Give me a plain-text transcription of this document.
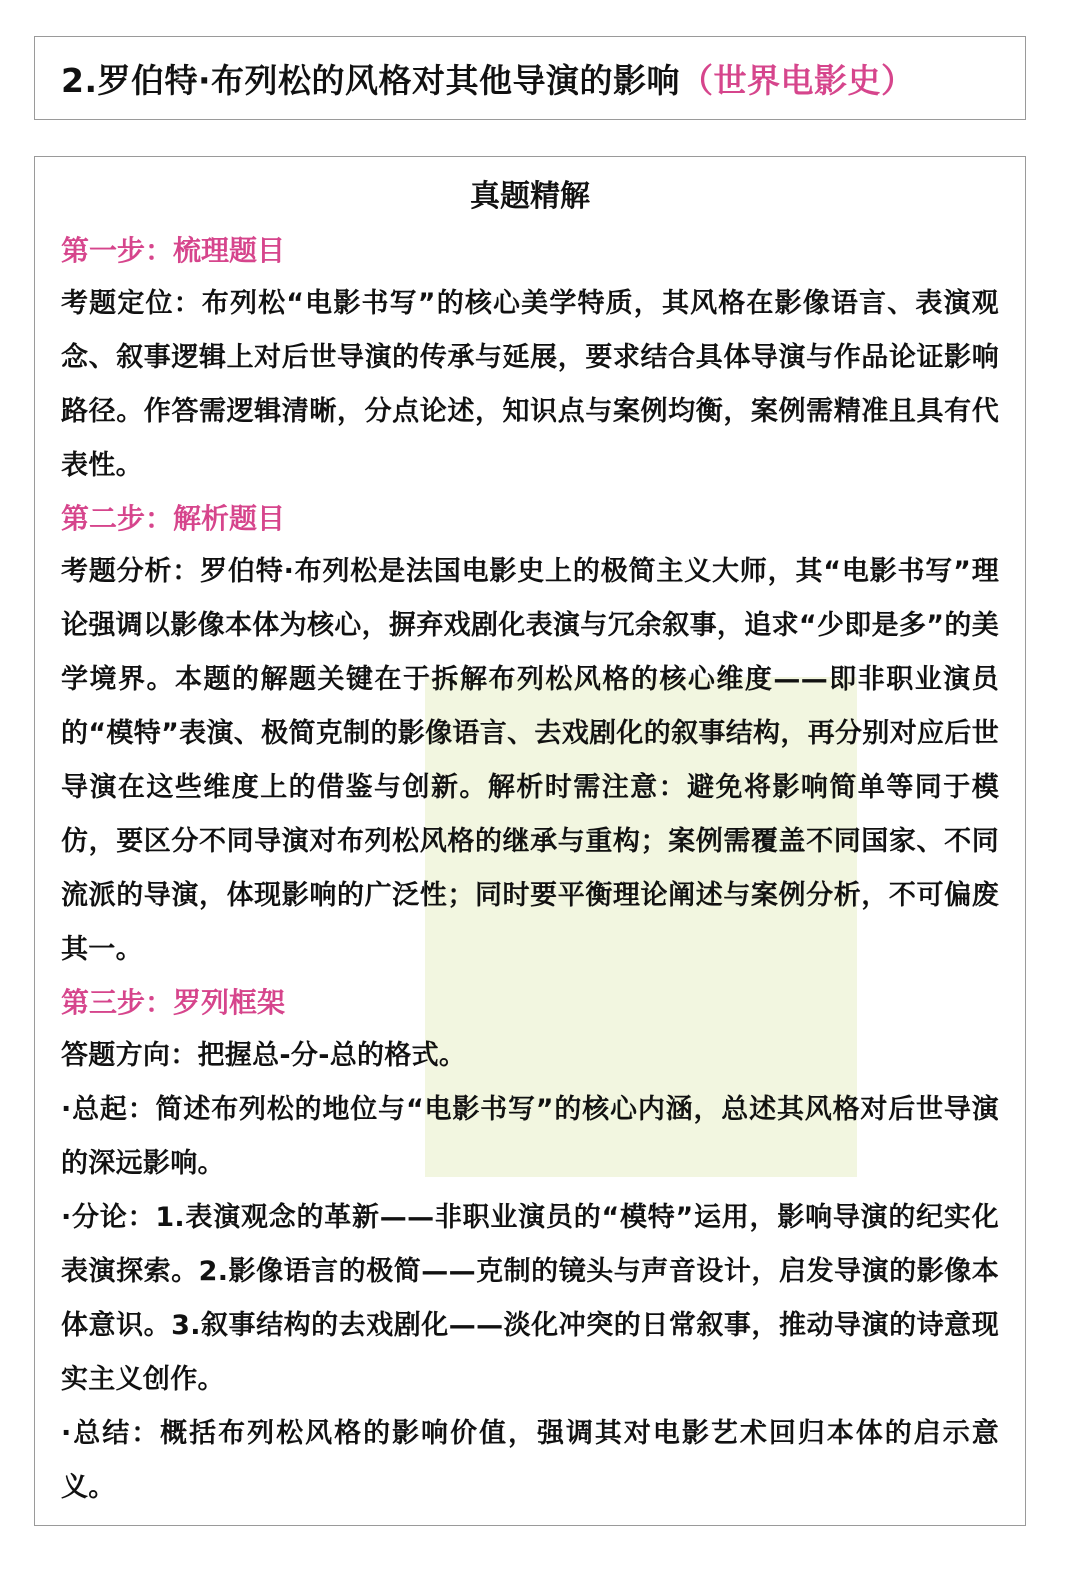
2.罗伯特·布列松的风格对其他导演的影响（世界电影史）

真题精解

第一步：梳理题目

考题定位：布列松“电影书写”的核心美学特质，其风格在影像语言、表演观念、叙事逻辑上对后世导演的传承与延展，要求结合具体导演与作品论证影响路径。作答需逻辑清晰，分点论述，知识点与案例均衡，案例需精准且具有代表性。

第二步：解析题目

考题分析：罗伯特·布列松是法国电影史上的极简主义大师，其“电影书写”理论强调以影像本体为核心，摒弃戏剧化表演与冗余叙事，追求“少即是多”的美学境界。本题的解题关键在于拆解布列松风格的核心维度——即非职业演员的“模特”表演、极简克制的影像语言、去戏剧化的叙事结构，再分别对应后世导演在这些维度上的借鉴与创新。解析时需注意：避免将影响简单等同于模仿，要区分不同导演对布列松风格的继承与重构；案例需覆盖不同国家、不同流派的导演，体现影响的广泛性；同时要平衡理论阐述与案例分析，不可偏废其一。

第三步：罗列框架

答题方向：把握总-分-总的格式。

·总起：简述布列松的地位与“电影书写”的核心内涵，总述其风格对后世导演的深远影响。

·分论：1.表演观念的革新——非职业演员的“模特”运用，影响导演的纪实化表演探索。2.影像语言的极简——克制的镜头与声音设计，启发导演的影像本体意识。3.叙事结构的去戏剧化——淡化冲突的日常叙事，推动导演的诗意现实主义创作。

·总结：概括布列松风格的影响价值，强调其对电影艺术回归本体的启示意义。
